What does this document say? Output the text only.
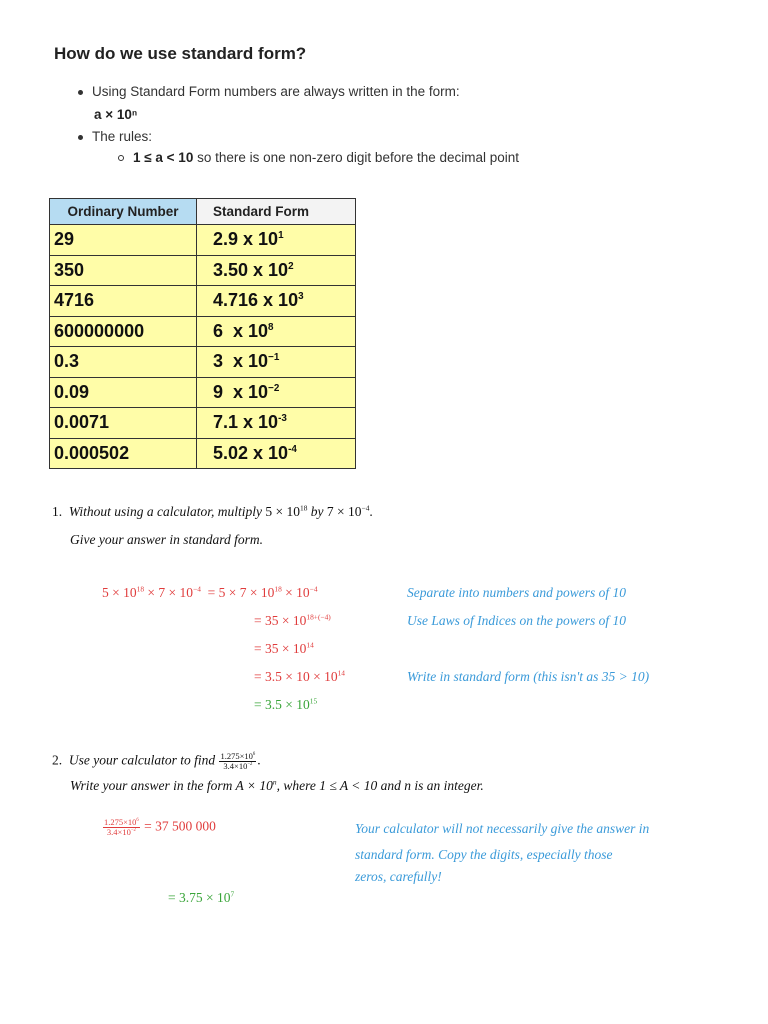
How do we use standard form?
Using Standard Form numbers are always written in the form:
a × 10ⁿ
The rules:
1 ≤ a < 10 so there is one non-zero digit before the decimal point
Ordinary Number	Standard Form
29	2.9 x $10^1$
350	3.50 x $10^2$
4716	4.716 x $10^3$
600000000	6  x $10^8$
0.3	3  x $10^{-1}$
0.09	9  x $10^{-2}$
0.0071	7.1 x $10^{-3}$
0.000502	5.02 x $10^{-4}$
1. Without using a calculator, multiply $5 \times 10^{18}$ by $7 \times 10^{-4}$.
Give your answer in standard form.
$5 \times 10^{18} \times 7 \times 10^{-4} = 5 \times 7 \times 10^{18} \times 10^{-4}$	Separate into numbers and powers of 10
= $35 \times 10^{18+(-4)}$	Use Laws of Indices on the powers of 10
= $35 \times 10^{14}$
= $3.5 \times 10 \times 10^{14}$	Write in standard form (this isn't as 35 > 10)
= $3.5 \times 10^{15}$
2. Use your calculator to find $\frac{1.275\times 10^6}{3.4\times 10^{-2}}$ .
Write your answer in the form $A \times 10^n$, where 1 ≤ A < 10 and n is an integer.
$\frac{1.275\times 10^6}{3.4\times 10^{-2}} = 37$ 500 000	Your calculator will not necessarily give the answer in
standard form. Copy the digits, especially those
zeros, carefully!
= $3.75 \times 10^7$
